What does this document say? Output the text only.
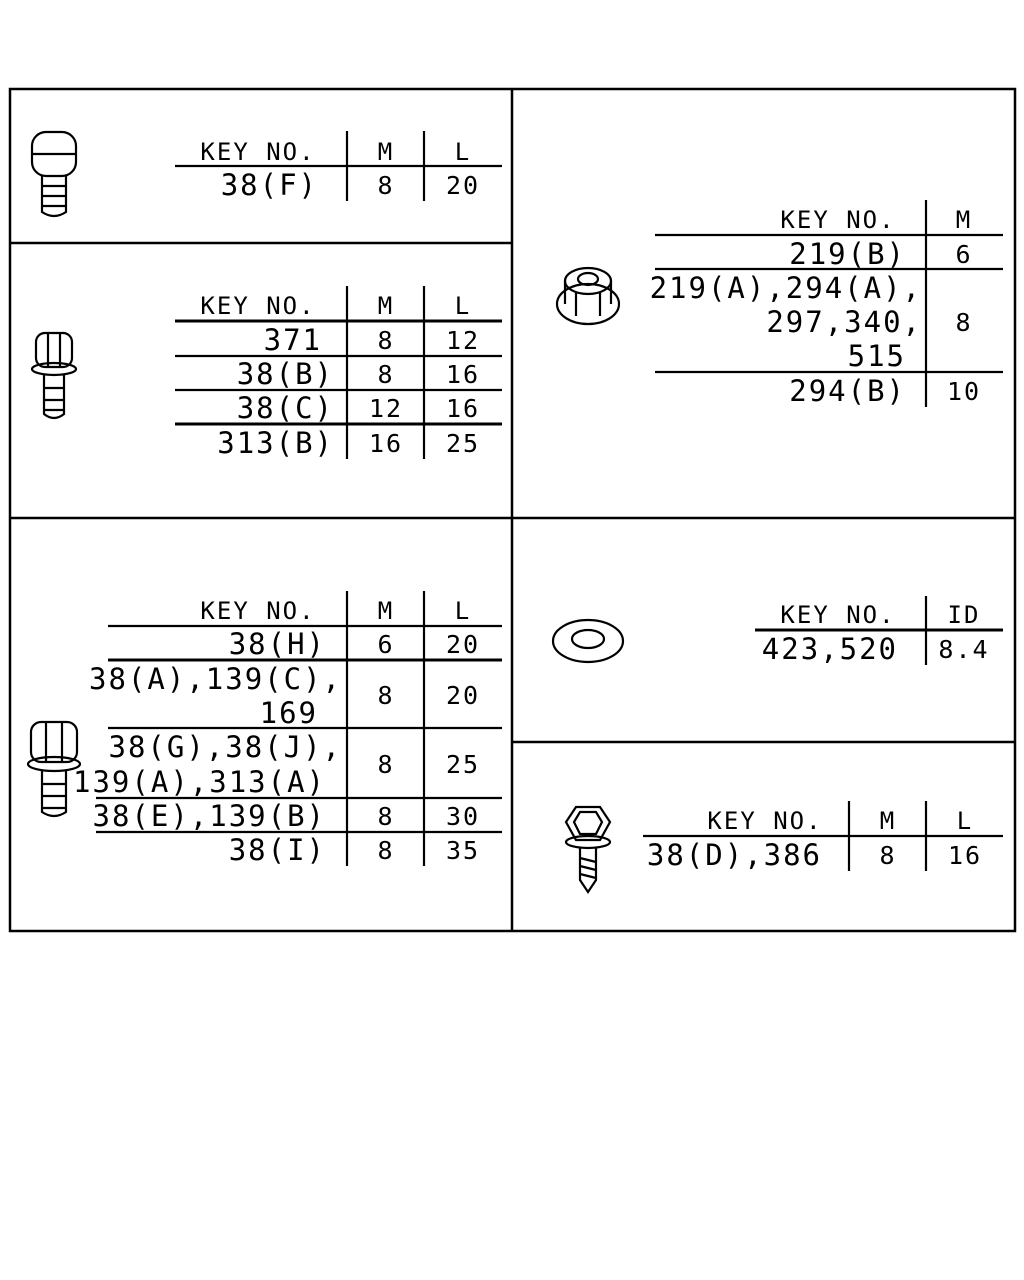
KEY NO.	M	L
38(F) 8 20
KEY NO.	M	L
371 8 12
38(B) 8 16
38(C) 12 16
313(B) 16 25
KEY NO.	M
219(B) 6
219(A),294(A),
297,340,
515
8
294(B) 10
KEY NO.	M	L
38(H) 6 20
38(A),139(C),
169
8 20
38(G),38(J),
139(A),313(A)
8 25
38(E),139(B) 8 30
38(I) 8 35
KEY NO. ID
423,520 8.4
KEY NO. M	L
38(D),386 8 16
